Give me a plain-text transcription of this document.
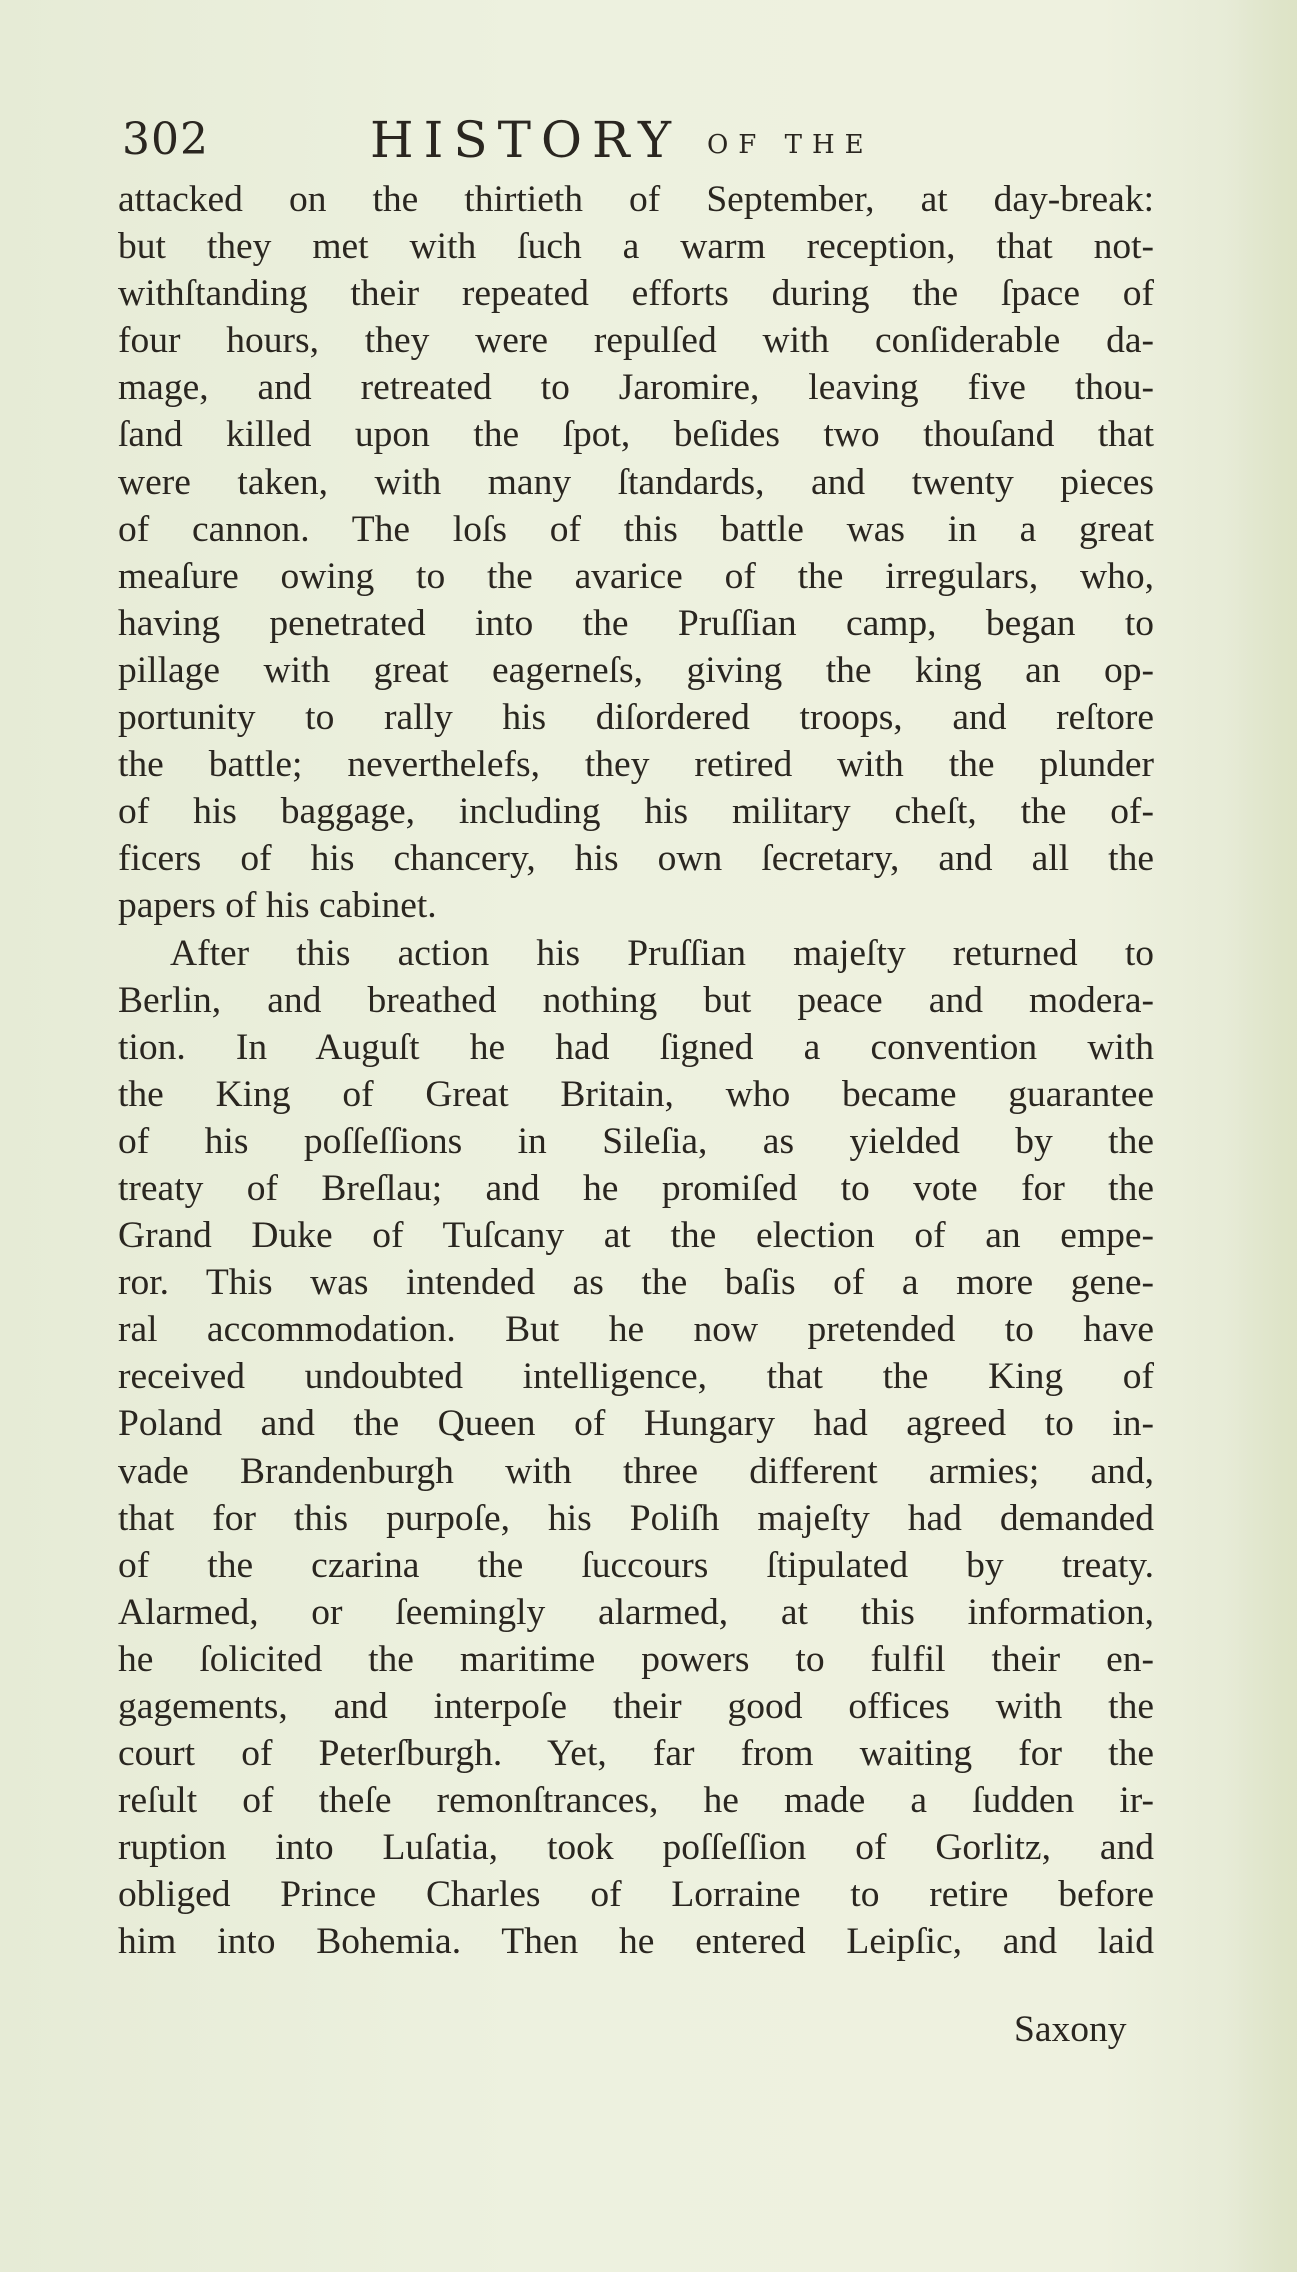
302	HISTORY OF THE
attacked on the thirtieth of September, at day-break:
but they met with ſuch a warm reception, that not-
withſtanding their repeated efforts during the ſpace of
four hours, they were repulſed with conſiderable da-
mage, and retreated to Jaromire, leaving five thou-
ſand killed upon the ſpot, beſides two thouſand that
were taken, with many ſtandards, and twenty pieces
of cannon. The loſs of this battle was in a great
meaſure owing to the avarice of the irregulars, who,
having penetrated into the Pruſſian camp, began to
pillage with great eagerneſs, giving the king an op-
portunity to rally his diſordered troops, and reſtore
the battle; neverthelefs, they retired with the plunder
of his baggage, including his military cheſt, the of-
ficers of his chancery, his own ſecretary, and all the
papers of his cabinet.
After this action his Pruſſian majeſty returned to
Berlin, and breathed nothing but peace and modera-
tion. In Auguſt he had ſigned a convention with
the King of Great Britain, who became guarantee
of his poſſeſſions in Sileſia, as yielded by the
treaty of Breſlau; and he promiſed to vote for the
Grand Duke of Tuſcany at the election of an empe-
ror. This was intended as the baſis of a more gene-
ral accommodation. But he now pretended to have
received undoubted intelligence, that the King of
Poland and the Queen of Hungary had agreed to in-
vade Brandenburgh with three different armies; and,
that for this purpoſe, his Poliſh majeſty had demanded
of the czarina the ſuccours ſtipulated by treaty.
Alarmed, or ſeemingly alarmed, at this information,
he ſolicited the maritime powers to fulfil their en-
gagements, and interpoſe their good offices with the
court of Peterſburgh. Yet, far from waiting for the
reſult of theſe remonſtrances, he made a ſudden ir-
ruption into Luſatia, took poſſeſſion of Gorlitz, and
obliged Prince Charles of Lorraine to retire before
him into Bohemia. Then he entered Leipſic, and laid
Saxony
